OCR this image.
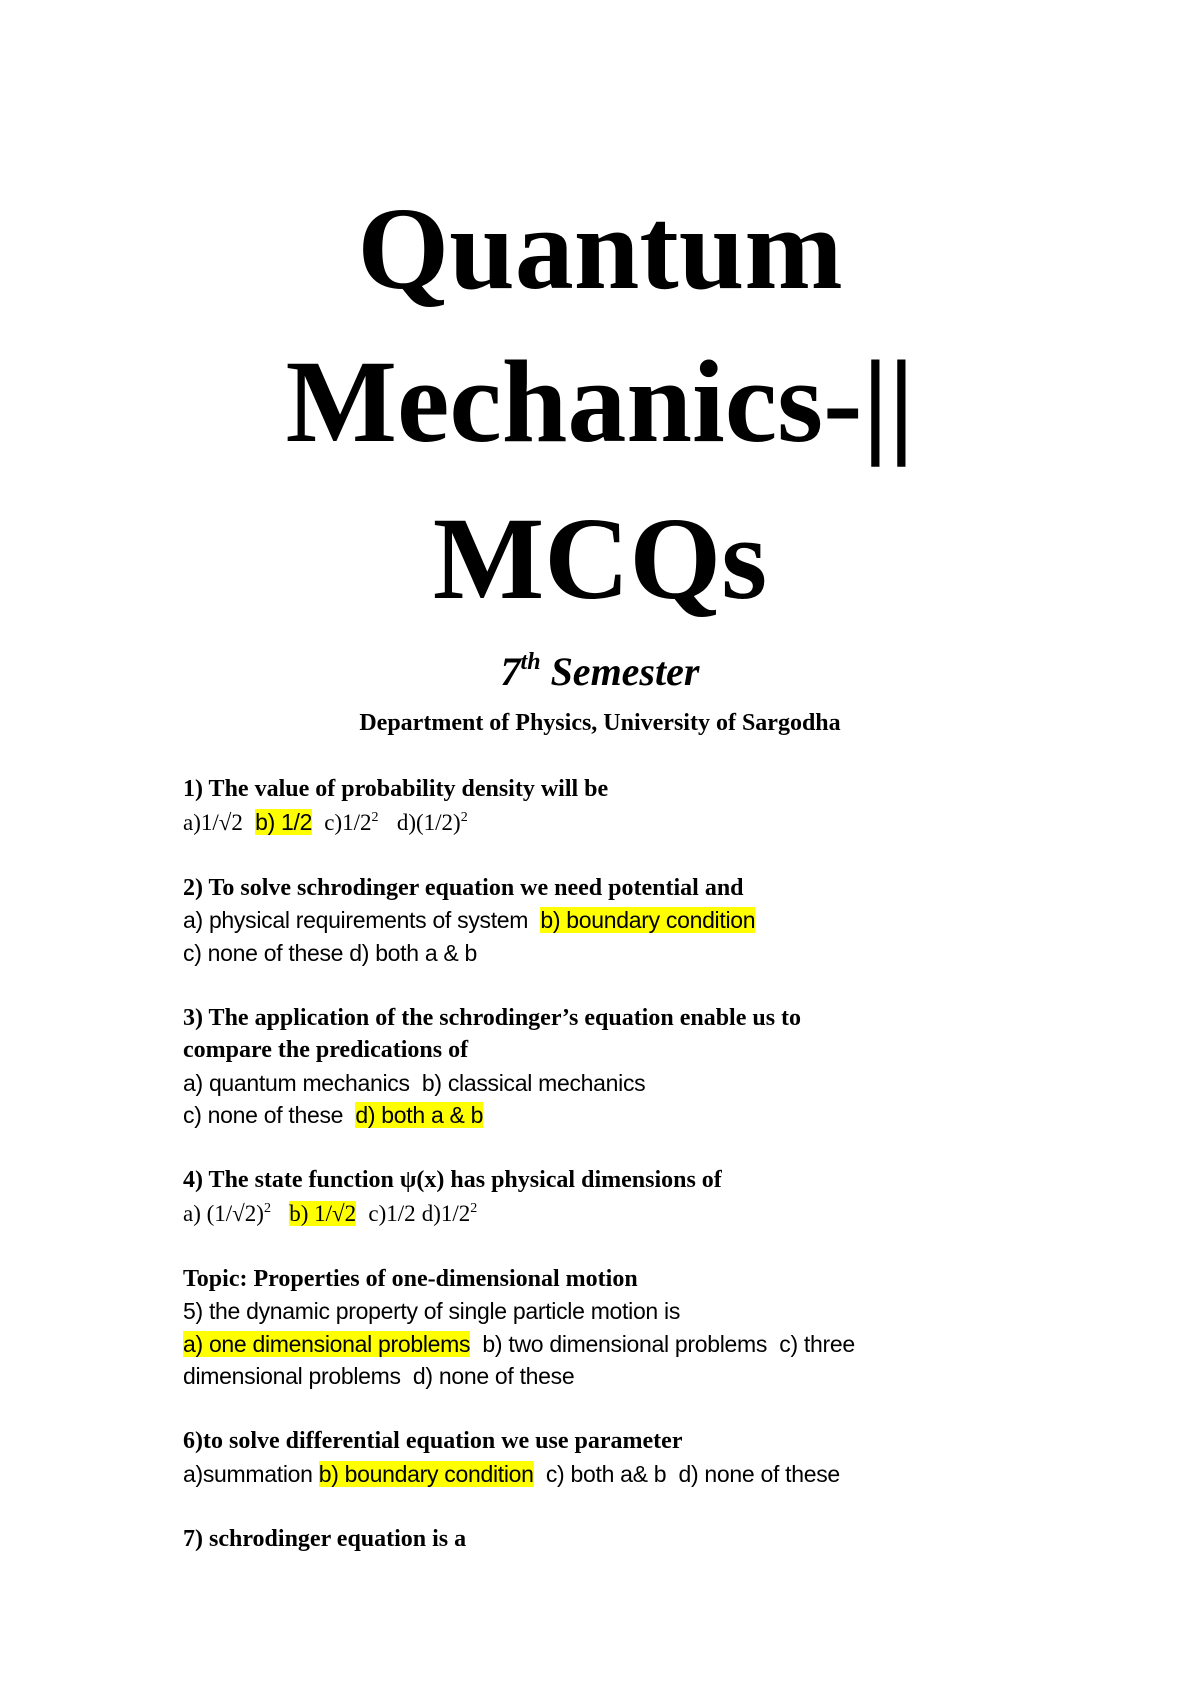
Quantum
Mechanics-||
MCQs
7th Semester
Department of Physics, University of Sargodha

1) The value of probability density will be

a)1/√2 b) 1/2 $c)1/2^2$ $d)(1/2)^2$

2) To solve schrodinger equation we need potential and

a) physical requirements of system b) boundary condition

c) none of these d) both a & b

3) The application of the schrodinger’s equation enable us to

compare the predications of

a) quantum mechanics b) classical mechanics

c) none of these d) both a & b

4) The state function ψ(x) has physical dimensions of

a) $(1/√2)^2$ b) 1/√2 c)1/2 $d)1/2^2$

Topic: Properties of one-dimensional motion

5) the dynamic property of single particle motion is

a) one dimensional problems b) two dimensional problems c) three

dimensional problems d) none of these

6)to solve differential equation we use parameter

a)summation b) boundary condition c) both a& b d) none of these

7) schrodinger equation is a
